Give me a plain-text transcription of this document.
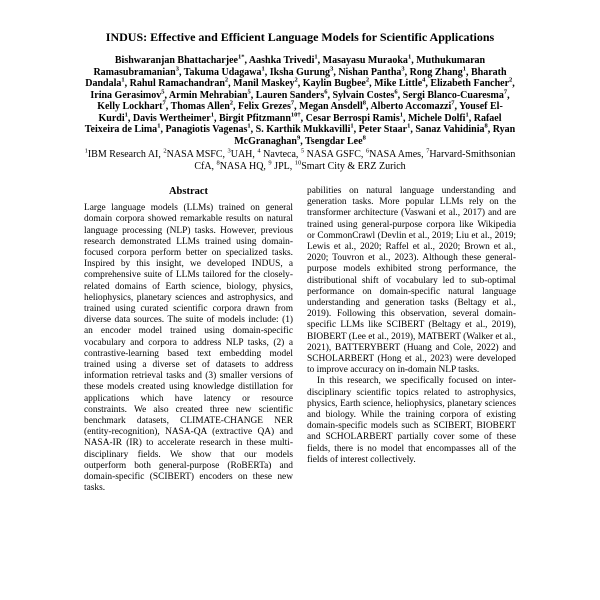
INDUS: Effective and Efficient Language Models for Scientific Applications

Bishwaranjan Bhattacharjee$^{1*}$, Aashka Trivedi$^1$, Masayasu Muraoka$^1$, Muthukumaran Ramasubramanian$^3$, Takuma Udagawa$^1$, Iksha Gurung$^3$, Nishan Pantha$^3$, Rong Zhang$^1$, Bharath Dandala$^1$, Rahul Ramachandran$^2$, Manil Maskey$^2$, Kaylin Bugbee$^2$, Mike Little$^4$, Elizabeth Fancher$^2$, Irina Gerasimov$^5$, Armin Mehrabian$^5$, Lauren Sanders$^6$, Sylvain Costes$^6$, Sergi Blanco-Cuaresma$^7$, Kelly Lockhart$^7$, Thomas Allen$^2$, Felix Grezes$^7$, Megan Ansdell$^8$, Alberto Accomazzi$^7$, Yousef El-Kurdi$^1$, Davis Wertheimer$^1$, Birgit Pfitzmann$^{10\dagger}$, Cesar Berrospi Ramis$^1$, Michele Dolfi$^1$, Rafael Teixeira de Lima$^1$, Panagiotis Vagenas$^1$, S. Karthik Mukkavilli$^1$, Peter Staar$^1$, Sanaz Vahidinia$^8$, Ryan McGranaghan$^9$, Tsengdar Lee$^8$

$^1$IBM Research AI, $^2$NASA MSFC, $^3$UAH, $^4$ Navteca, $^5$ NASA GSFC, $^6$NASA Ames, $^7$Harvard-Smithsonian CfA, $^8$NASA HQ, $^9$ JPL, $^{10}$Smart City & ERZ Zurich

Abstract

Large language models (LLMs) trained on general domain corpora showed remarkable results on natural language processing (NLP) tasks. However, previous research demonstrated LLMs trained using domain-focused corpora perform better on specialized tasks. Inspired by this insight, we developed INDUS, a comprehensive suite of LLMs tailored for the closely-related domains of Earth science, biology, physics, heliophysics, planetary sciences and astrophysics, and trained using curated scientific corpora drawn from diverse data sources. The suite of models include: (1) an encoder model trained using domain-specific vocabulary and corpora to address NLP tasks, (2) a contrastive-learning based text embedding model trained using a diverse set of datasets to address information retrieval tasks and (3) smaller versions of these models created using knowledge distillation for applications which have latency or resource constraints. We also created three new scientific benchmark datasets, CLIMATE-CHANGE NER (entity-recognition), NASA-QA (extractive QA) and NASA-IR (IR) to accelerate research in these multi-disciplinary fields. We show that our models outperform both general-purpose (RoBERTa) and domain-specific (SCIBERT) encoders on these new tasks.

pabilities on natural language understanding and generation tasks. More popular LLMs rely on the transformer architecture (Vaswani et al., 2017) and are trained using general-purpose corpora like Wikipedia or CommonCrawl (Devlin et al., 2019; Liu et al., 2019; Lewis et al., 2020; Raffel et al., 2020; Brown et al., 2020; Touvron et al., 2023). Although these general-purpose models exhibited strong performance, the distributional shift of vocabulary led to sub-optimal performance on domain-specific natural language understanding and generation tasks (Beltagy et al., 2019). Following this observation, several domain-specific LLMs like SCIBERT (Beltagy et al., 2019), BIOBERT (Lee et al., 2019), MATBERT (Walker et al., 2021), BATTERYBERT (Huang and Cole, 2022) and SCHOLARBERT (Hong et al., 2023) were developed to improve accuracy on in-domain NLP tasks.

In this research, we specifically focused on inter-disciplinary scientific topics related to astrophysics, physics, Earth science, heliophysics, planetary sciences and biology. While the training corpora of existing domain-specific models such as SCIBERT, BIOBERT and SCHOLARBERT partially cover some of these fields, there is no model that encompasses all of the fields of interest collectively.
